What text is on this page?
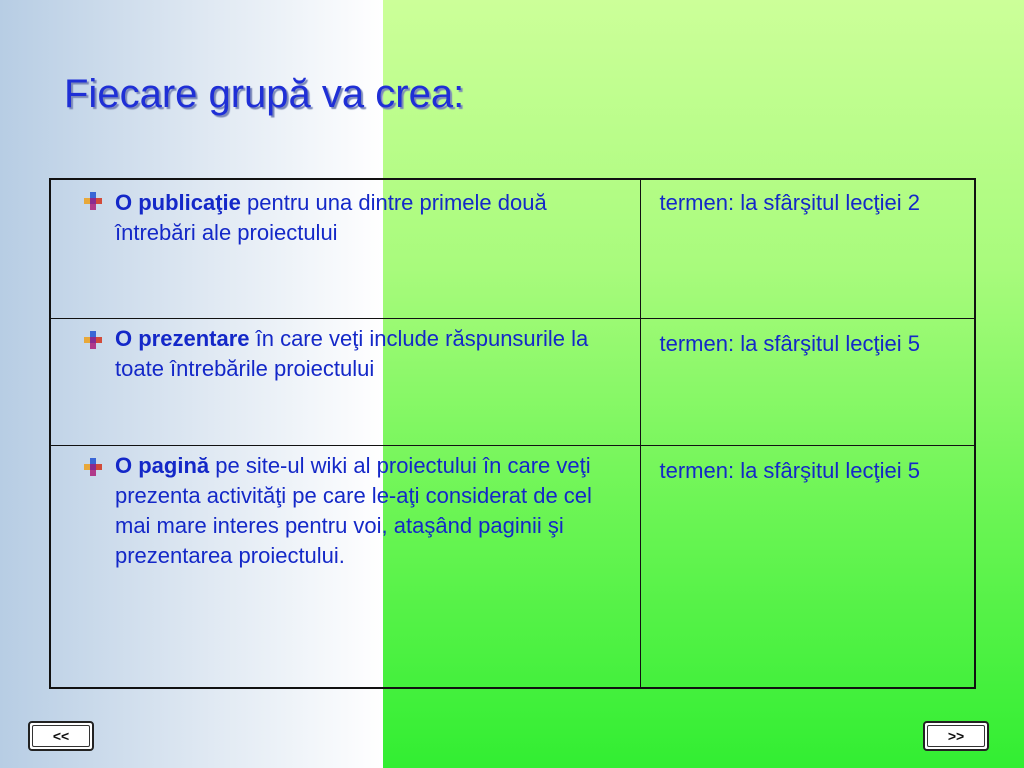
Fiecare grupă va crea:
O publicaţie pentru una dintre primele două întrebări ale proiectului	termen: la sfârşitul lecţiei 2

O prezentare în care veţi include răspunsurile la toate întrebările proiectului	termen: la sfârşitul lecţiei 5

O pagină pe site-ul wiki al proiectului în care veţi prezenta activităţi pe care le-aţi considerat de cel mai mare interes pentru voi, ataşând paginii şi prezentarea proiectului.	termen: la sfârşitul lecţiei 5
<<	>>
